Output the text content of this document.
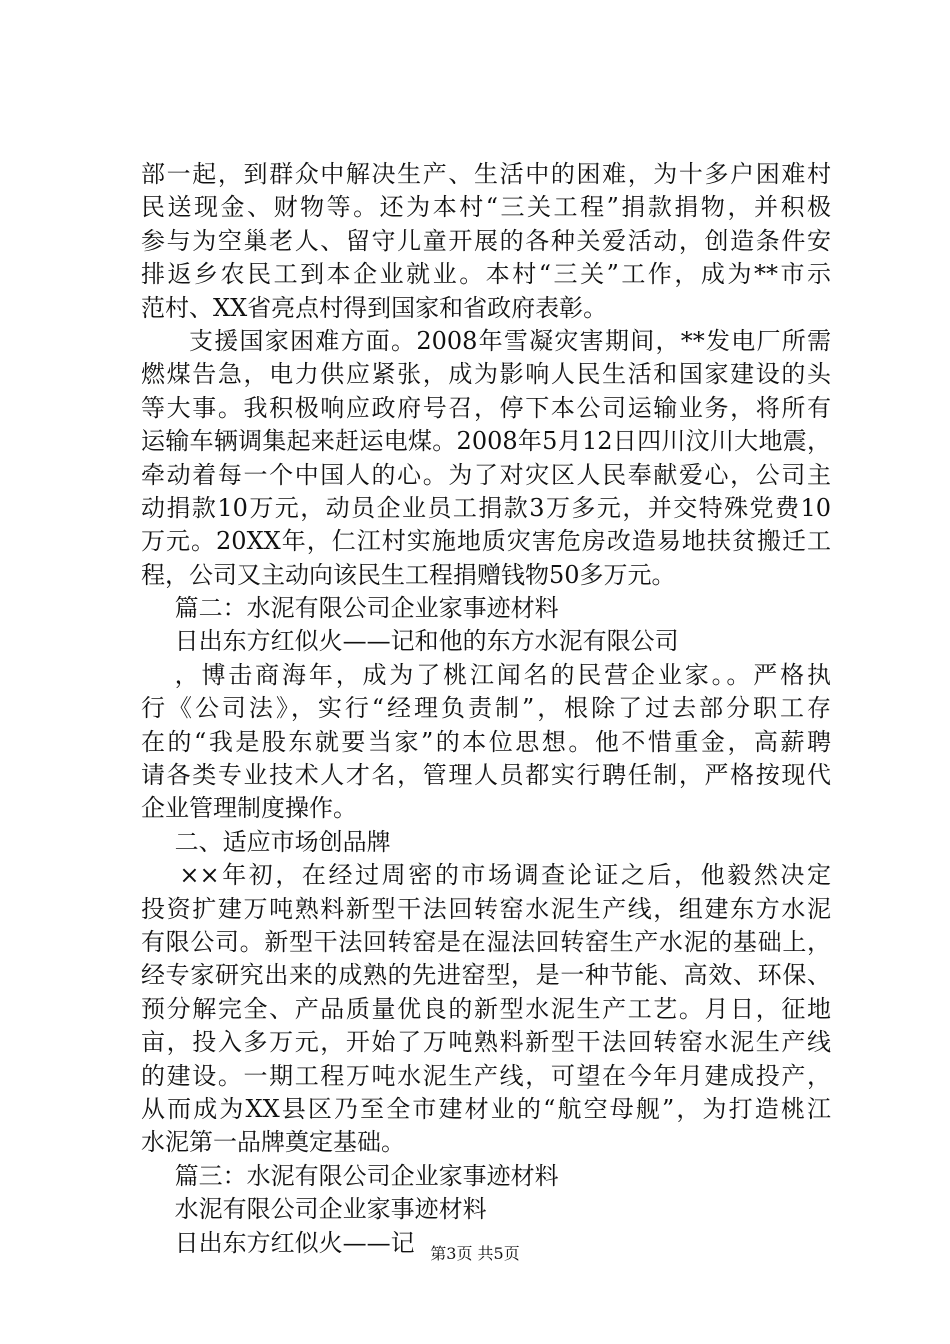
部一起，到群众中解决生产、生活中的困难，为十多户困难村
民送现金、财物等。还为本村“三关工程”捐款捐物，并积极
参与为空巢老人、留守儿童开展的各种关爱活动，创造条件安
排返乡农民工到本企业就业。本村“三关”工作，成为**市示
范村、XX省亮点村得到国家和省政府表彰。
支援国家困难方面。2008年雪凝灾害期间，**发电厂所需
燃煤告急，电力供应紧张，成为影响人民生活和国家建设的头
等大事。我积极响应政府号召，停下本公司运输业务，将所有
运输车辆调集起来赶运电煤。2008年5月12日四川汶川大地震，
牵动着每一个中国人的心。为了对灾区人民奉献爱心，公司主
动捐款10万元，动员企业员工捐款3万多元，并交特殊党费10
万元。20XX年，仁江村实施地质灾害危房改造易地扶贫搬迁工
程，公司又主动向该民生工程捐赠钱物50多万元。
篇二：水泥有限公司企业家事迹材料
日出东方红似火——记和他的东方水泥有限公司
，博击商海年，成为了桃江闻名的民营企业家。。严格执
行《公司法》，实行“经理负责制”，根除了过去部分职工存
在的“我是股东就要当家”的本位思想。他不惜重金，高薪聘
请各类专业技术人才名，管理人员都实行聘任制，严格按现代
企业管理制度操作。
二、适应市场创品牌
××年初，在经过周密的市场调查论证之后，他毅然决定
投资扩建万吨熟料新型干法回转窑水泥生产线，组建东方水泥
有限公司。新型干法回转窑是在湿法回转窑生产水泥的基础上，
经专家研究出来的成熟的先进窑型，是一种节能、高效、环保、
预分解完全、产品质量优良的新型水泥生产工艺。月日，征地
亩，投入多万元，开始了万吨熟料新型干法回转窑水泥生产线
的建设。一期工程万吨水泥生产线，可望在今年月建成投产，
从而成为XX县区乃至全市建材业的“航空母舰”，为打造桃江
水泥第一品牌奠定基础。
篇三：水泥有限公司企业家事迹材料
水泥有限公司企业家事迹材料
日出东方红似火——记 第3页 共5页
